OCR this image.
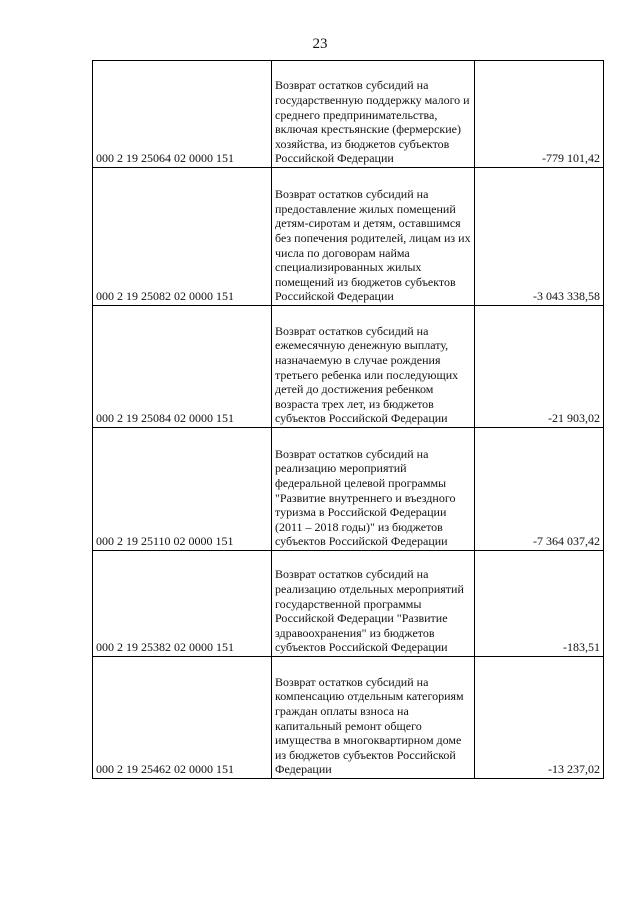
23
000 2 19 25064 02 0000 151	Возврат остатков субсидий на государственную поддержку малого и среднего предпринимательства, включая крестьянские (фермерские) хозяйства, из бюджетов субъектов Российской Федерации	-779 101,42
000 2 19 25082 02 0000 151	Возврат остатков субсидий на предоставление жилых помещений детям-сиротам и детям, оставшимся без попечения родителей, лицам из их числа по договорам найма специализированных жилых помещений из бюджетов субъектов Российской Федерации	-3 043 338,58
000 2 19 25084 02 0000 151	Возврат остатков субсидий на ежемесячную денежную выплату, назначаемую в случае рождения третьего ребенка или последующих детей до достижения ребенком возраста трех лет, из бюджетов субъектов Российской Федерации	-21 903,02
000 2 19 25110 02 0000 151	Возврат остатков субсидий на реализацию мероприятий федеральной целевой программы "Развитие внутреннего и въездного туризма в Российской Федерации (2011 – 2018 годы)" из бюджетов субъектов Российской Федерации	-7 364 037,42
000 2 19 25382 02 0000 151	Возврат остатков субсидий на реализацию отдельных мероприятий государственной программы Российской Федерации "Развитие здравоохранения" из бюджетов субъектов Российской Федерации	-183,51
000 2 19 25462 02 0000 151	Возврат остатков субсидий на компенсацию отдельным категориям граждан оплаты взноса на капитальный ремонт общего имущества в многоквартирном доме из бюджетов субъектов Российской Федерации	-13 237,02
